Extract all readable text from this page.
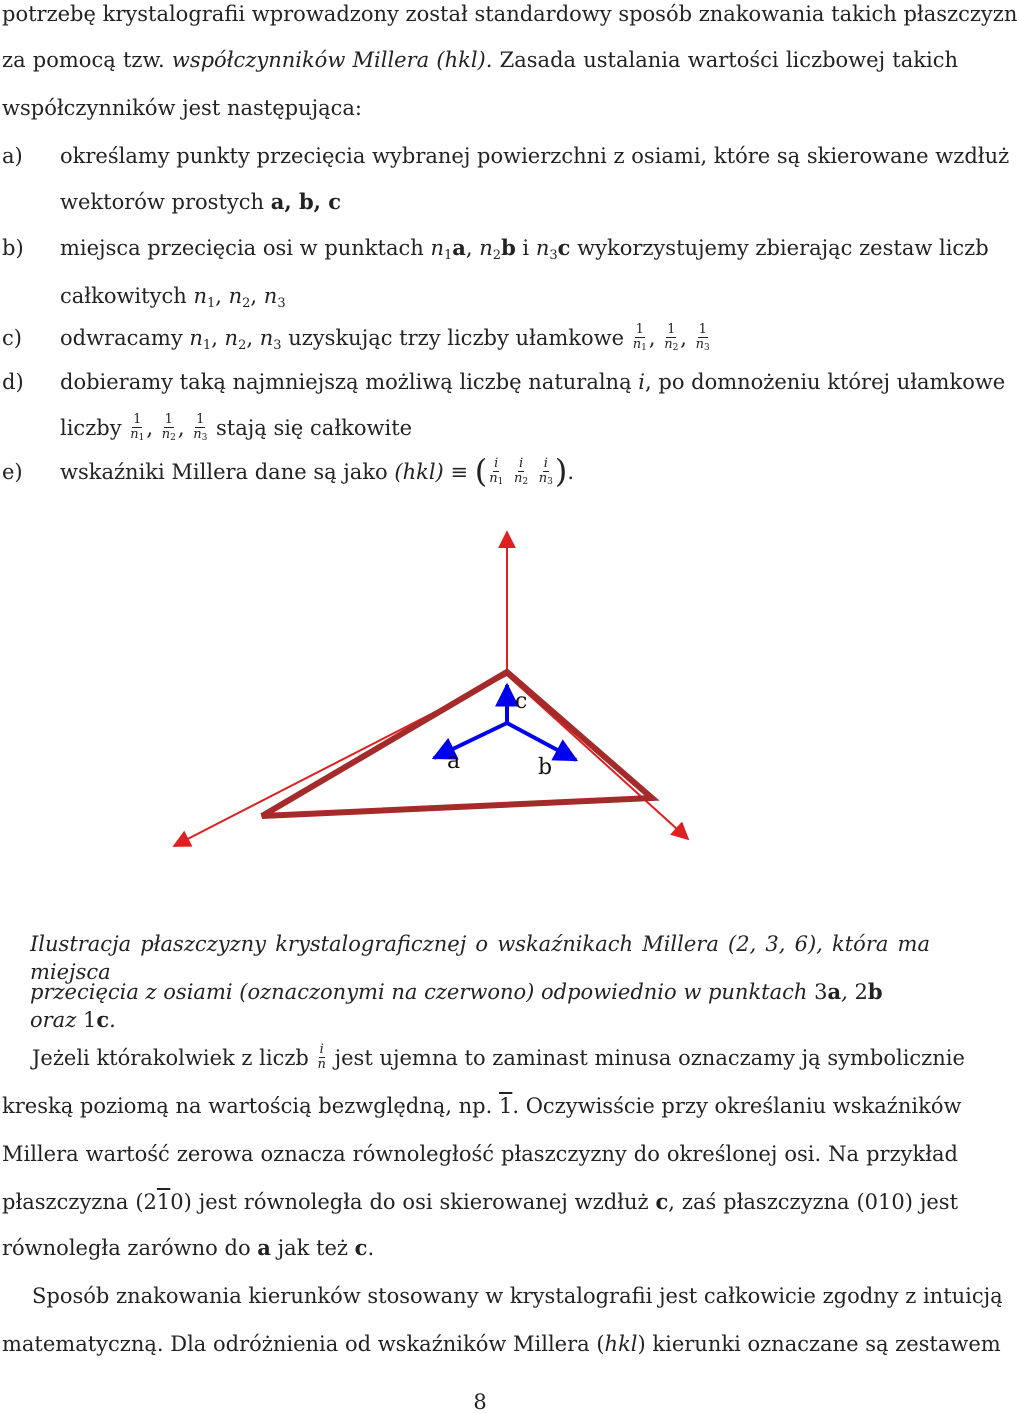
potrzebę krystalografii wprowadzony został standardowy sposób znakowania takich płaszczyzn
za pomocą tzw. współczynników Millera (hkl). Zasada ustalania wartości liczbowej takich
współczynników jest następująca:
a) określamy punkty przecięcia wybranej powierzchni z osiami, które są skierowane wzdłuż
wektorów prostych a, b, c
b) miejsca przecięcia osi w punktach $n_1a$, $n_2b$ i $n_3c$ wykorzystujemy zbierając zestaw liczb
całkowitych $n_1$, $n_2$, $n_3$
c) odwracamy $n_1$, $n_2$, $n_3$ uzyskując trzy liczby ułamkowe $\frac{1}{n_1}$ , $\frac{1}{n_2}$ , $\frac{1}{n_3}$
d) dobieramy taką najmniejszą możliwą liczbę naturalną i, po domnożeniu której ułamkowe
liczby $\frac{1}{n_1}$ , $\frac{1}{n_2}$ , $\frac{1}{n_3}$ stają się całkowite
e) wskaźniki Millera dane są jako (hkl) ≡ ( $\frac{i}{n_1}$
$\frac{i}{n_2}$
$\frac{i}{n_3}$ ).
c
a	b
Ilustracja płaszczyzny krystalograficznej o wskaźnikach Millera (2, 3, 6), która ma miejsca
przecięcia z osiami (oznaczonymi na czerwono) odpowiednio w punktach 3a, 2b oraz 1c.
Jeżeli którakolwiek z liczb $\frac{i}{n}$ jest ujemna to zaminast minusa oznaczamy ją symbolicznie
kreską poziomą na wartością bezwględną, np. 1. Oczywisście przy określaniu wskaźników
Millera wartość zerowa oznacza równoległość płaszczyzny do określonej osi. Na przykład
płaszczyzna (210) jest równoległa do osi skierowanej wzdłuż c, zaś płaszczyzna (010) jest
równoległa zarówno do a jak też c.
Sposób znakowania kierunków stosowany w krystalografii jest całkowicie zgodny z intuicją
matematyczną. Dla odróżnienia od wskaźników Millera (hkl) kierunki oznaczane są zestawem
8
